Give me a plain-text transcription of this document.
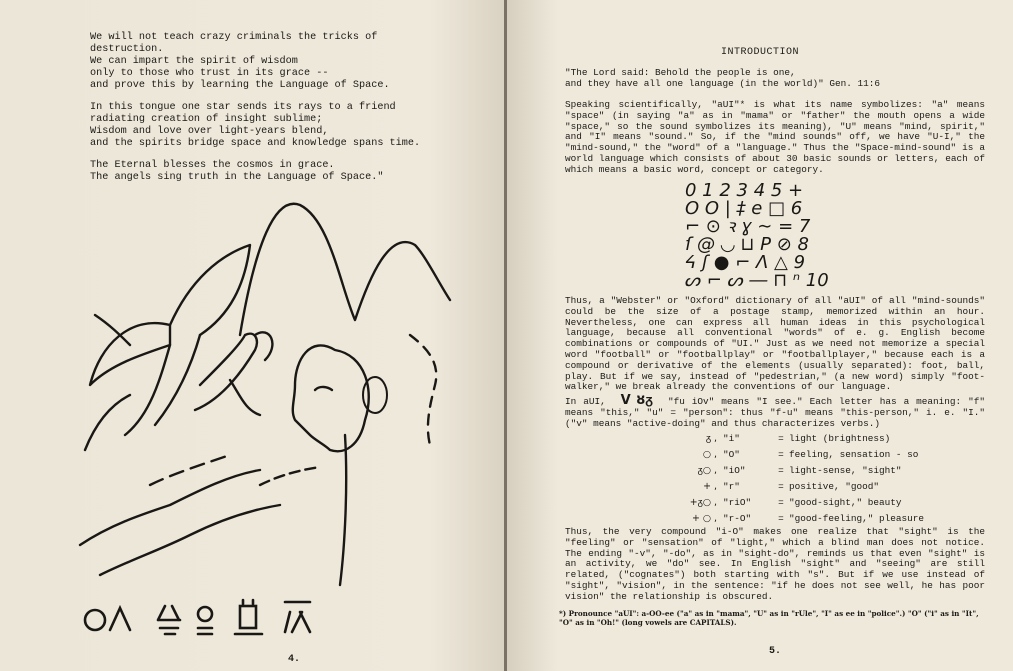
We will not teach crazy criminals the tricks of destruction.
We can impart the spirit of wisdom
only to those who trust in its grace --
and prove this by learning the Language of Space.

In this tongue one star sends its rays to a friend
radiating creation of insight sublime;
Wisdom and love over light-years blend,
and the spirits bridge space and knowledge spans time.

The Eternal blesses the cosmos in grace.
The angels sing truth in the Language of Space."

4.
INTRODUCTION
"The Lord said: Behold the people is one,
and they have all one language (in the world)" Gen. 11:6
Speaking scientifically, "aUI"* is what its name symbolizes: "a" means "space" (in saying "a" as in "mama" or "father" the mouth opens a wide "space," so the sound symbolizes its meaning), "U" means "mind, spirit," and "I" means "sound." So, if the "mind sounds" off, we have "U-I," the "mind-sound," the "word" of a "language." Thus the "Space-mind-sound" is a world language which consists of about 30 basic sounds or letters, each of which means a basic word, concept or category.
0 1 2 3 4 5 +
O O | ‡ e □ 6
⌐ ⊙ ꝛ ɣ ∼ = 7
ſ @ ◡ ⊔ P ⊘ 8
ᔦ ʃ ● ⌐ Λ △ 9
ᔕ ⌐ ᔕ ― ⊓ ⁿ 10
Thus, a "Webster" or "Oxford" dictionary of all "aUI" of all "mind-sounds" could be the size of a postage stamp, memorized within an hour. Nevertheless, one can express all human ideas in this psychological language, because all conventional "words" of e. g. English become combinations or compounds of "UI." Just as we need not memorize a special word "football" or "footballplay" or "footballplayer," because each is a compound or derivative of the elements (usually separated): foot, ball, play. But if we say, instead of "pedestrian," (a new word) simply "foot-walker," we break already the conventions of our language.
In aUI, ᐯ ȣᵹ "fu iOv" means "I see." Each letter has a meaning: "f" means "this," "u" = "person": thus "f-u" means "this-person," i. e. "I." ("v" means "active-doing" and thus characterizes verbs.)
ᵹ , "i"	= light (brightness)
○ , "O"	= feeling, sensation - so
ᵹ○ , "iO"	= light-sense, "sight"
+ , "r"	= positive, "good"
+ᵹ○ , "riO"	= "good-sight," beauty
+ ○ , "r-O"	= "good-feeling," pleasure
Thus, the very compound "i-O" makes one realize that "sight" is the "feeling" or "sensation" of "light," which a blind man does not notice. The ending "-v", "-do", as in "sight-do", reminds us that even "sight" is an activity, we "do" see. In English "sight" and "seeing" are still related, ("cognates") both starting with "s". But if we use instead of "sight", "vision", in the sentence: "if he does not see well, he has poor vision" the relationship is obscured.
*) Pronounce "aUI": a-OO-ee ("a" as in "mama", "U" as in "rUle", "I" as ee in "police".) "O" ("i" as in "It", "O" as in "Oh!" (long vowels are CAPITALS).
5.
